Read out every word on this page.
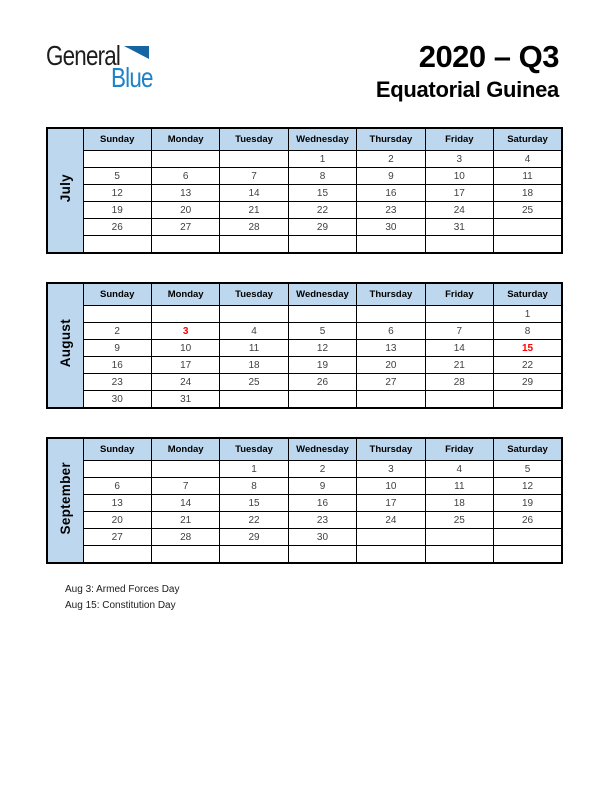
General
Blue
2020 – Q3
Equatorial Guinea
July	Sunday	Monday	Tuesday	Wednesday	Thursday	Friday	Saturday
				1	2	3	4
	5	6	7	8	9	10	11
	12	13	14	15	16	17	18
	19	20	21	22	23	24	25
	26	27	28	29	30	31	

August	Sunday	Monday	Tuesday	Wednesday	Thursday	Friday	Saturday
							1
	2	3	4	5	6	7	8
	9	10	11	12	13	14	15
	16	17	18	19	20	21	22
	23	24	25	26	27	28	29
	30	31					
September	Sunday	Monday	Tuesday	Wednesday	Thursday	Friday	Saturday
			1	2	3	4	5
	6	7	8	9	10	11	12
	13	14	15	16	17	18	19
	20	21	22	23	24	25	26
	27	28	29	30			

Aug 3: Armed Forces Day
Aug 15: Constitution Day
